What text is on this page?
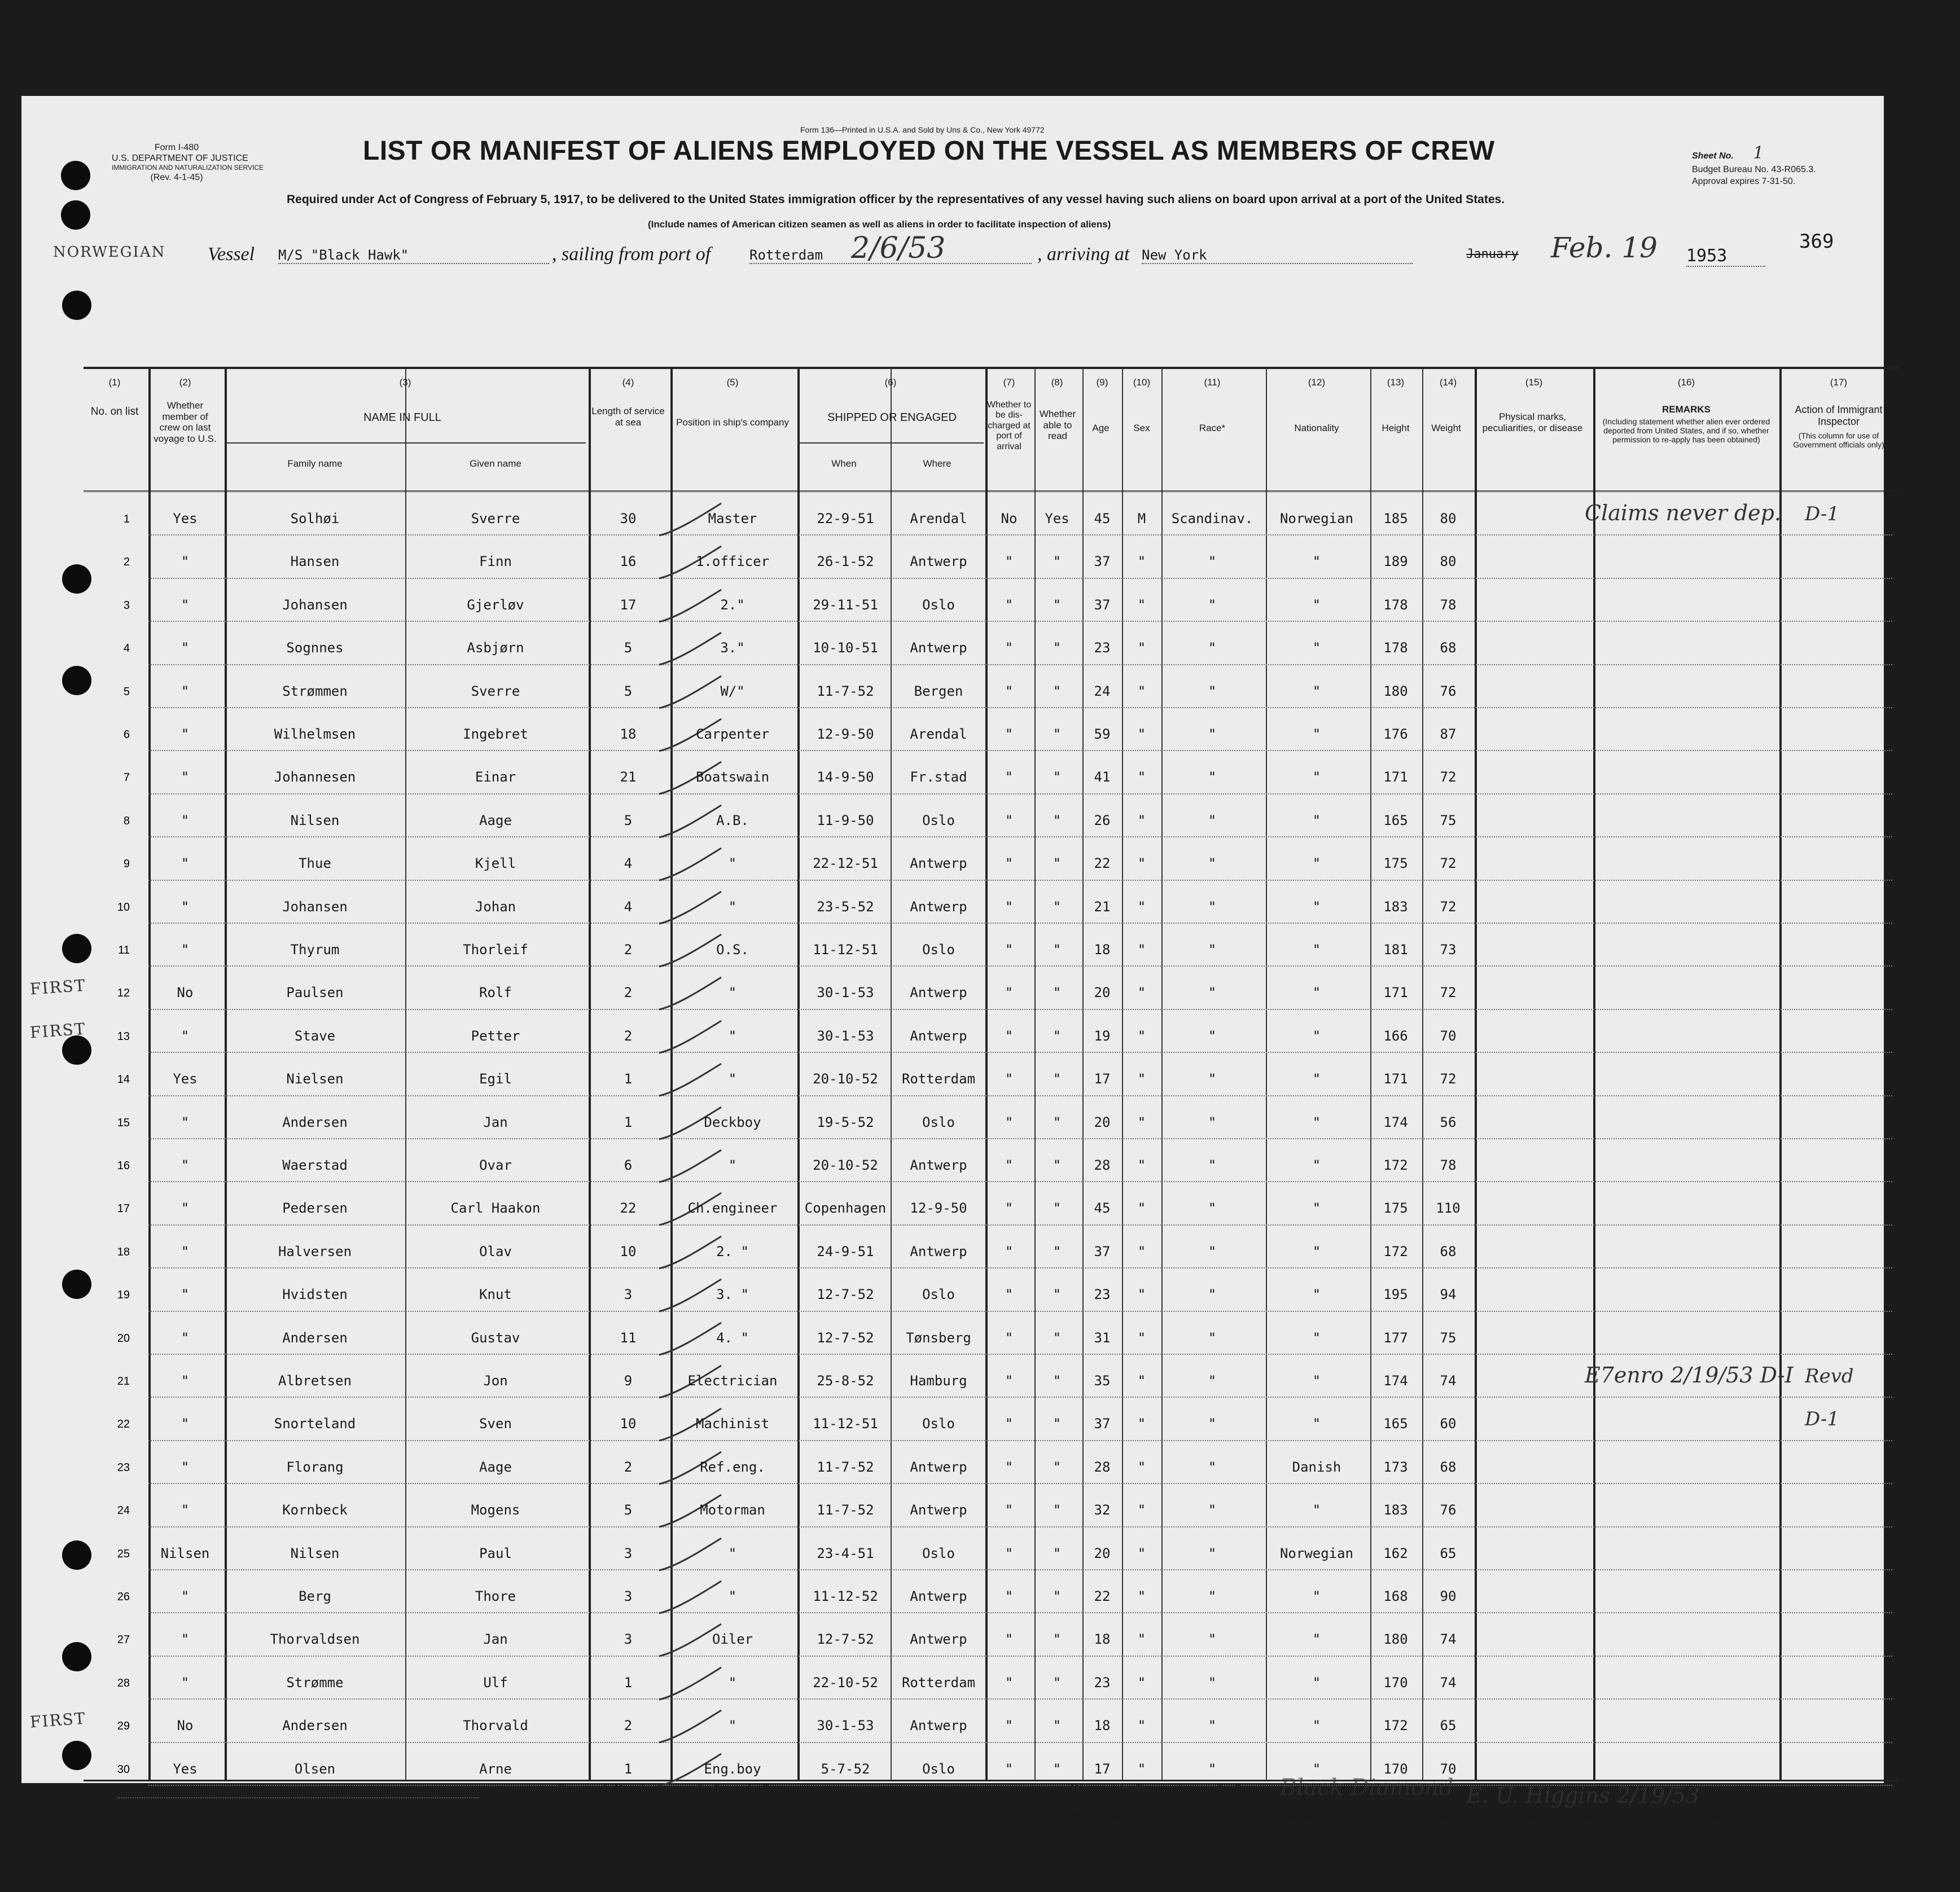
Form I-480
U.S. DEPARTMENT OF JUSTICE
IMMIGRATION AND NATURALIZATION SERVICE
(Rev. 4-1-45)
Form 136—Printed in U.S.A. and Sold by Uns & Co., New York 49772
LIST OR MANIFEST OF ALIENS EMPLOYED ON THE VESSEL AS MEMBERS OF CREW
Required under Act of Congress of February 5, 1917, to be delivered to the United States immigration officer by the representatives of any vessel having such aliens on board upon arrival at a port of the United States.
(Include names of American citizen seamen as well as aliens in order to facilitate inspection of aliens)
Sheet No. 1
Budget Bureau No. 43-R065.3.
Approval expires 7-31-50.
369
NORWEGIAN Vessel M/S "Black Hawk"	, sailing from port of	Rotterdam 2/6/53	, arriving at New York	January Feb. 19 1953
(1)	(2)	(3)	(4)	(5)	(6)	(7)	(8)	(9)	(10)	(11)	(12)	(13)	(14)	(15)	(16)	(17)
No. on list
Whether member of crew on last voyage to U.S.
NAME IN FULL
Family name	Given name
Length of service at sea	Position in ship's company	SHIPPED OR ENGAGED
When	Where
Whether to be dis-charged at port of arrival
Whether able to read
Age	Sex	Race*	Nationality	Height	Weight
Physical marks, peculiarities, or disease
REMARKS
(Including statement whether alien ever ordered deported from United States, and if so, whether permission to re-apply has been obtained)
Action of Immigrant Inspector
(This column for use of Government officials only)
1	Yes	Solhøi	Sverre	30	Master	22-9-51	Arendal	No	Yes	45	M	Scandinav.	Norwegian	185	80	Claims never dep. D-1
2	"	Hansen	Finn	16	1.officer	26-1-52	Antwerp	"	"	37	"	"	"	189	80
3	"	Johansen	Gjerløv	17	2."	29-11-51	Oslo	"	"	37	"	"	"	178	78
4	"	Sognnes	Asbjørn	5	3."	10-10-51	Antwerp	"	"	23	"	"	"	178	68
5	"	Strømmen	Sverre	5	W/"	11-7-52	Bergen	"	"	24	"	"	"	180	76
6	"	Wilhelmsen	Ingebret	18	Carpenter	12-9-50	Arendal	"	"	59	"	"	"	176	87
7	"	Johannesen	Einar	21	Boatswain	14-9-50	Fr.stad	"	"	41	"	"	"	171	72
8	"	Nilsen	Aage	5	A.B.	11-9-50	Oslo	"	"	26	"	"	"	165	75
9	"	Thue	Kjell	4	"	22-12-51	Antwerp	"	"	22	"	"	"	175	72
10	"	Johansen	Johan	4	"	23-5-52	Antwerp	"	"	21	"	"	"	183	72
11	"	Thyrum	Thorleif	2	O.S.	11-12-51	Oslo	"	"	18	"	"	"	181	73
12	No	Paulsen	Rolf	2	"	30-1-53	Antwerp	"	"	20	"	"	"	171	72
FIRST
13	"	Stave	Petter	2	"	30-1-53	Antwerp	"	"	19	"	"	"	166	70
FIRST
14	Yes	Nielsen	Egil	1	"	20-10-52	Rotterdam	"	"	17	"	"	"	171	72
15	"	Andersen	Jan	1	Deckboy	19-5-52	Oslo	"	"	20	"	"	"	174	56
16	"	Waerstad	Ovar	6	"	20-10-52	Antwerp	"	"	28	"	"	"	172	78
17	"	Pedersen	Carl Haakon	22	Ch.engineer	Copenhagen	12-9-50	"	"	45	"	"	"	175	110
18	"	Halversen	Olav	10	2. "	24-9-51	Antwerp	"	"	37	"	"	"	172	68
19	"	Hvidsten	Knut	3	3. "	12-7-52	Oslo	"	"	23	"	"	"	195	94
20	"	Andersen	Gustav	11	4. "	12-7-52	Tønsberg	"	"	31	"	"	"	177	75
21	"	Albretsen	Jon	9	Electrician	25-8-52	Hamburg	"	"	35	"	"	"	174	74	E7enro 2/19/53 D-I Revd
22	"	Snorteland	Sven	10	Machinist	11-12-51	Oslo	"	"	37	"	"	"	165	60	D-1
23	"	Florang	Aage	2	Ref.eng.	11-7-52	Antwerp	"	"	28	"	"	Danish	173	68
24	"	Kornbeck	Mogens	5	Motorman	11-7-52	Antwerp	"	"	32	"	"	"	183	76
25	Nilsen	Nilsen	Paul	3	"	23-4-51	Oslo	"	"	20	"	"	Norwegian	162	65
26	"	Berg	Thore	3	"	11-12-52	Antwerp	"	"	22	"	"	"	168	90
27	"	Thorvaldsen	Jan	3	Oiler	12-7-52	Antwerp	"	"	18	"	"	"	180	74
28	"	Strømme	Ulf	1	"	22-10-52	Rotterdam	"	"	23	"	"	"	170	74
29	No	Andersen	Thorvald	2	"	30-1-53	Antwerp	"	"	18	"	"	"	172	65
FIRST
30	Yes	Olsen	Arne	1	Eng.boy	5-7-52	Oslo	"	"	17	"	"	"	170	70
Line	Owners	Sigurd Herlofsen & Co. A/S	Local Agents	van Nievelt Goudriaan & Co. Black Diamond E. U. Higgins 2/19/53
*See list of races on back hereof.	NOTE.—Failure to furnish full or correct information in columns (3), (5), (6), and (7) is punishable by a fine of $10 for each alien. (See other side.)
